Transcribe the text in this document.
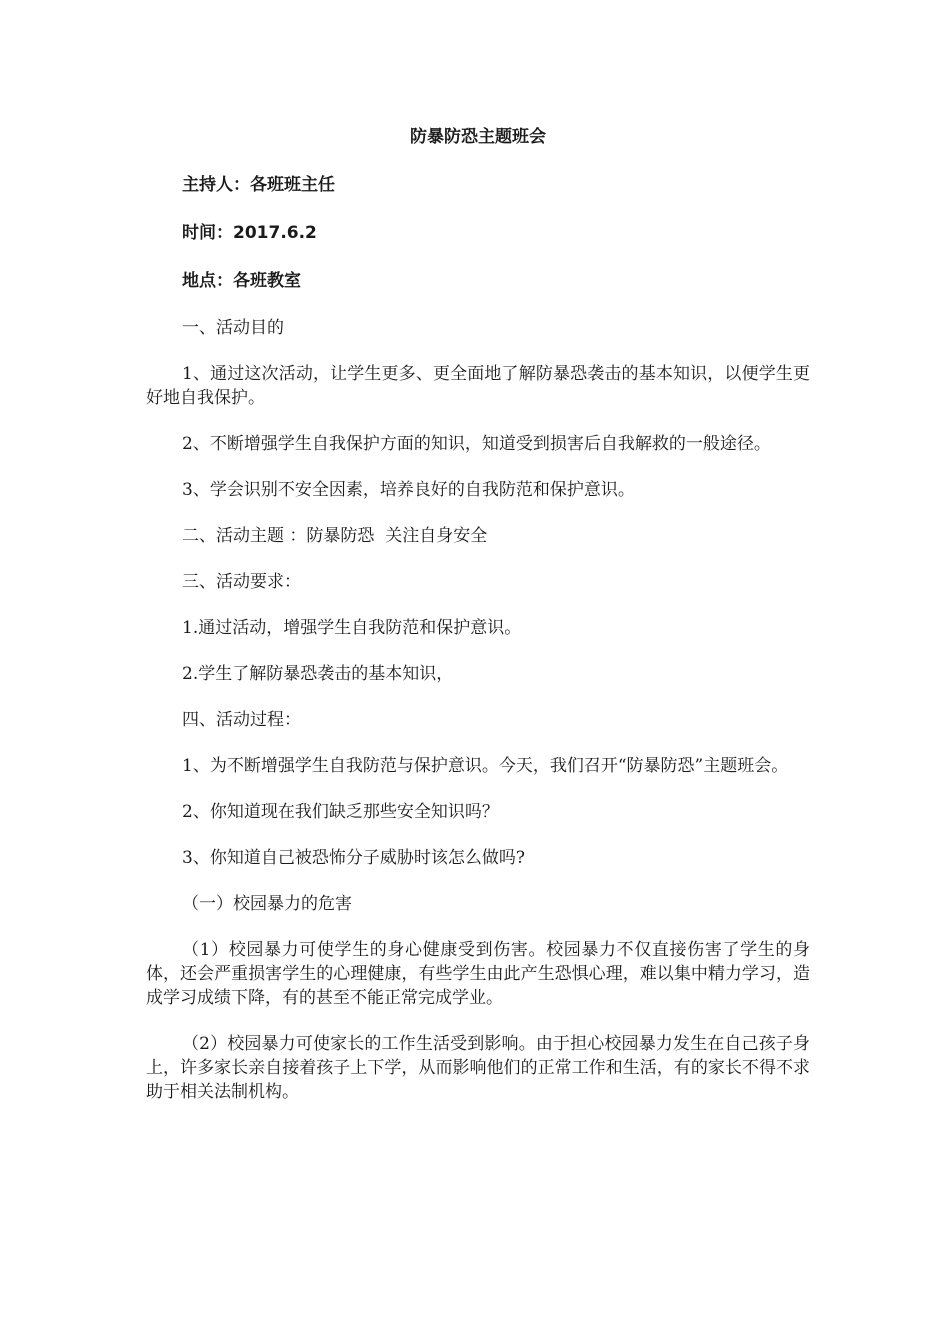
防暴防恐主题班会
主持人：各班班主任
时间：2017.6.2
地点：各班教室

一、活动目的

1、通过这次活动，让学生更多、更全面地了解防暴恐袭击的基本知识，以便学生更好地自我保护。

2、不断增强学生自我保护方面的知识，知道受到损害后自我解救的一般途径。

3、学会识别不安全因素，培养良好的自我防范和保护意识。

二、活动主题 ：防暴防恐  关注自身安全

三、活动要求：

1.通过活动，增强学生自我防范和保护意识。

2.学生了解防暴恐袭击的基本知识，

四、活动过程：

1、为不断增强学生自我防范与保护意识。今天，我们召开“防暴防恐”主题班会。

2、你知道现在我们缺乏那些安全知识吗？

3、你知道自己被恐怖分子威胁时该怎么做吗?

（一）校园暴力的危害

（1）校园暴力可使学生的身心健康受到伤害。校园暴力不仅直接伤害了学生的身体，还会严重损害学生的心理健康，有些学生由此产生恐惧心理，难以集中精力学习，造成学习成绩下降，有的甚至不能正常完成学业。

（2）校园暴力可使家长的工作生活受到影响。由于担心校园暴力发生在自己孩子身上，许多家长亲自接着孩子上下学，从而影响他们的正常工作和生活，有的家长不得不求助于相关法制机构。
